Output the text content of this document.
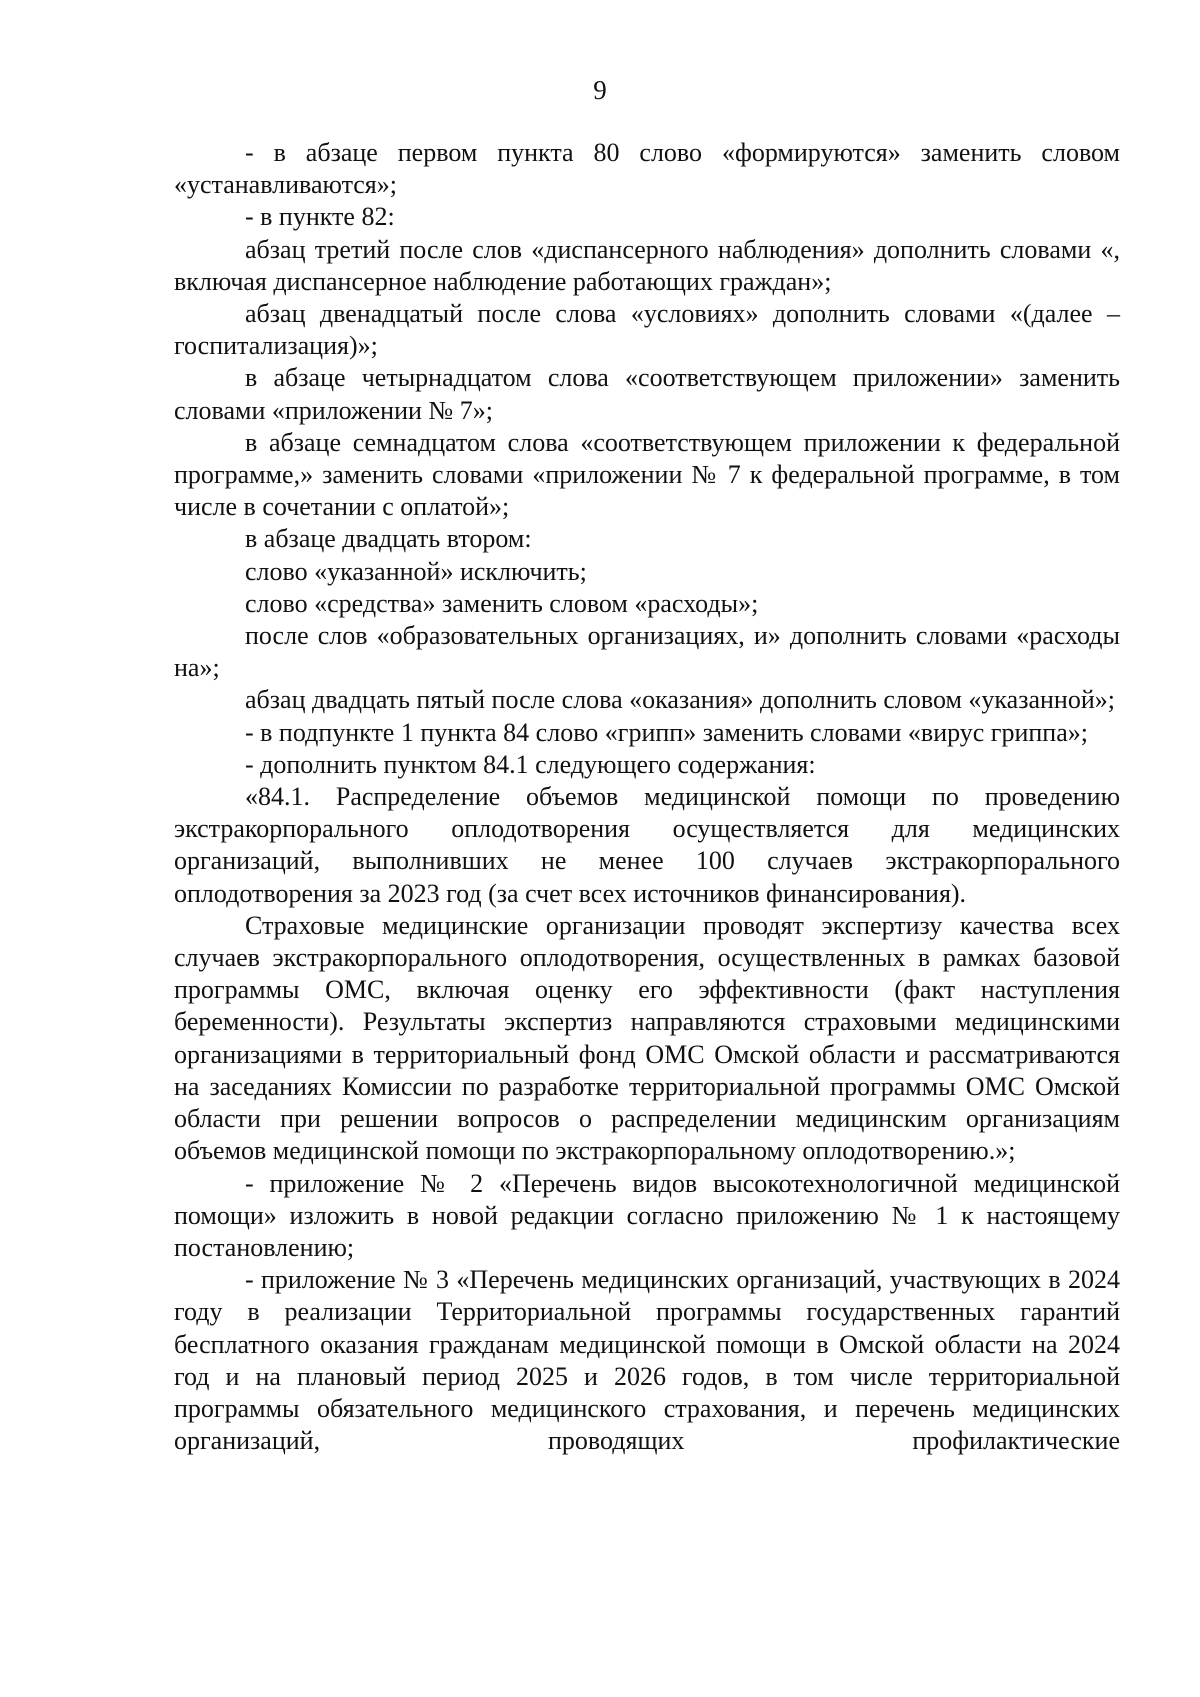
9

- в абзаце первом пункта 80 слово «формируются» заменить словом «устанавливаются»;

- в пункте 82:

абзац третий после слов «диспансерного наблюдения» дополнить словами «, включая диспансерное наблюдение работающих граждан»;

абзац двенадцатый после слова «условиях» дополнить словами «(далее – госпитализация)»;

в абзаце четырнадцатом слова «соответствующем приложении» заменить словами «приложении № 7»;

в абзаце семнадцатом слова «соответствующем приложении к федеральной программе,» заменить словами «приложении № 7 к федеральной программе, в том числе в сочетании с оплатой»;

в абзаце двадцать втором:

слово «указанной» исключить;

слово «средства» заменить словом «расходы»;

после слов «образовательных организациях, и» дополнить словами «расходы на»;

абзац двадцать пятый после слова «оказания» дополнить словом «указанной»;

- в подпункте 1 пункта 84 слово «грипп» заменить словами «вирус гриппа»;

- дополнить пунктом 84.1 следующего содержания:

«84.1. Распределение объемов медицинской помощи по проведению экстракорпорального оплодотворения осуществляется для медицинских организаций, выполнивших не менее 100 случаев экстракорпорального оплодотворения за 2023 год (за счет всех источников финансирования).

Страховые медицинские организации проводят экспертизу качества всех случаев экстракорпорального оплодотворения, осуществленных в рамках базовой программы ОМС, включая оценку его эффективности (факт наступления беременности). Результаты экспертиз направляются страховыми медицинскими организациями в территориальный фонд ОМС Омской области и рассматриваются на заседаниях Комиссии по разработке территориальной программы ОМС Омской области при решении вопросов о распределении медицинским организациям объемов медицинской помощи по экстракорпоральному оплодотворению.»;

- приложение № 2 «Перечень видов высокотехнологичной медицинской помощи» изложить в новой редакции согласно приложению № 1 к настоящему постановлению;

- приложение № 3 «Перечень медицинских организаций, участвующих в 2024 году в реализации Территориальной программы государственных гарантий бесплатного оказания гражданам медицинской помощи в Омской области на 2024 год и на плановый период 2025 и 2026 годов, в том числе территориальной программы обязательного медицинского страхования, и перечень медицинских организаций, проводящих профилактические
